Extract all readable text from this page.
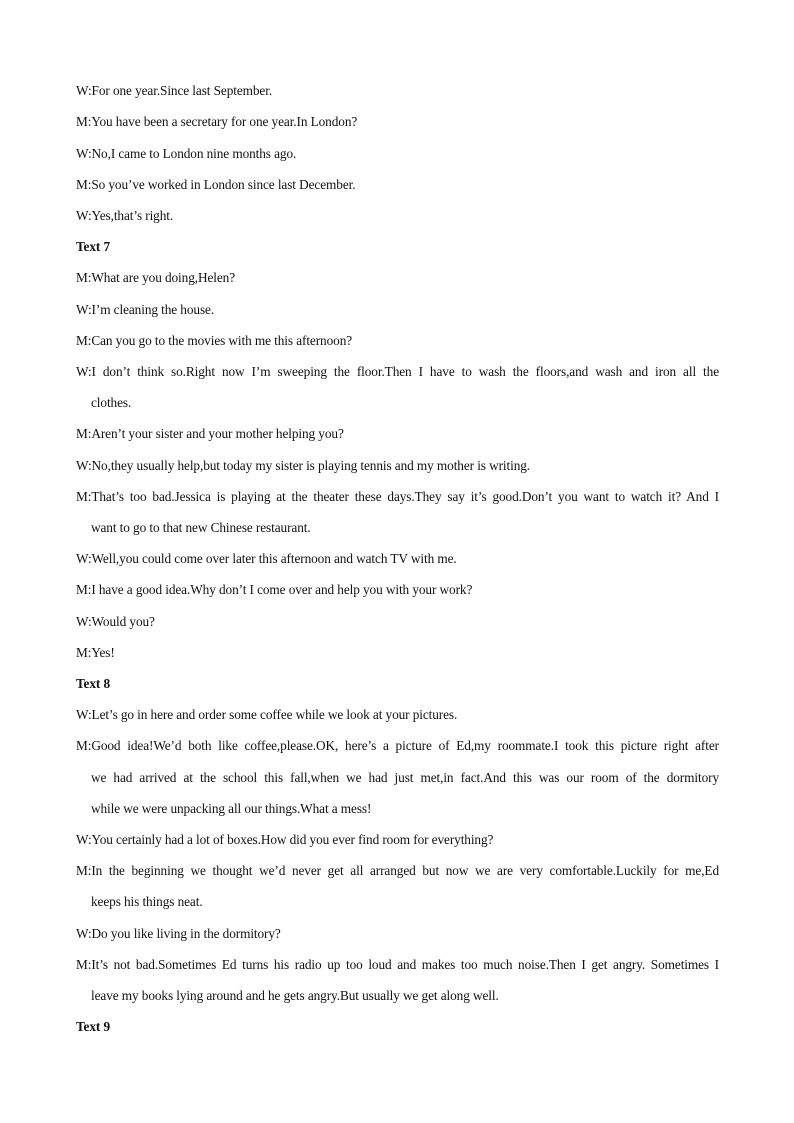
W:For one year.Since last September.
M:You have been a secretary for one year.In London?
W:No,I came to London nine months ago.
M:So you’ve worked in London since last December.
W:Yes,that’s right.
Text 7
M:What are you doing,Helen?
W:I’m cleaning the house.
M:Can you go to the movies with me this afternoon?
W:I don’t think so.Right now I’m sweeping the floor.Then I have to wash the floors,and wash and iron all the
clothes.
M:Aren’t your sister and your mother helping you?
W:No,they usually help,but today my sister is playing tennis and my mother is writing.
M:That’s too bad.Jessica is playing at the theater these days.They say it’s good.Don’t you want to watch it? And I
want to go to that new Chinese restaurant.
W:Well,you could come over later this afternoon and watch TV with me.
M:I have a good idea.Why don’t I come over and help you with your work?
W:Would you?
M:Yes!
Text 8
W:Let’s go in here and order some coffee while we look at your pictures.
M:Good idea!We’d both like coffee,please.OK, here’s a picture of Ed,my roommate.I took this picture right after
we had arrived at the school this fall,when we had just met,in fact.And this was our room of the dormitory
while we were unpacking all our things.What a mess!
W:You certainly had a lot of boxes.How did you ever find room for everything?
M:In the beginning we thought we’d never get all arranged but now we are very comfortable.Luckily for me,Ed
keeps his things neat.
W:Do you like living in the dormitory?
M:It’s not bad.Sometimes Ed turns his radio up too loud and makes too much noise.Then I get angry. Sometimes I
leave my books lying around and he gets angry.But usually we get along well.
Text 9
